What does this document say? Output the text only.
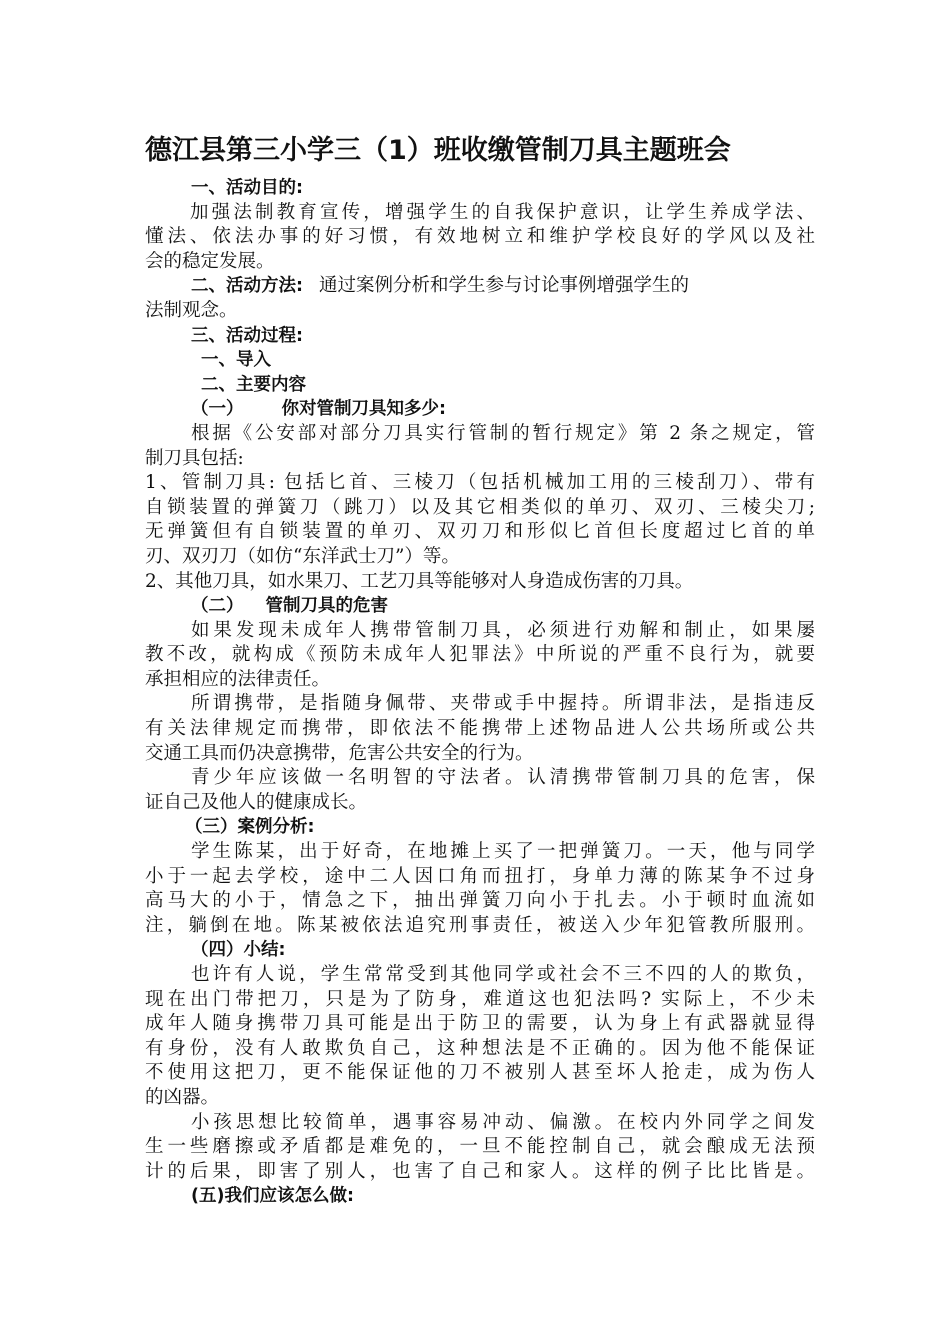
德江县第三小学三（1）班收缴管制刀具主题班会
一、活动目的:
加强法制教育宣传，增强学生的自我保护意识，让学生养成学法、
懂法、依法办事的好习惯，有效地树立和维护学校良好的学风以及社
会的稳定发展。
二、活动方法: 通过案例分析和学生参与讨论事例增强学生的
法制观念。
三、活动过程:
一、导入
二、主要内容
（一） 你对管制刀具知多少:
根据《公安部对部分刀具实行管制的暂行规定》第 2 条之规定，管
制刀具包括:
1、管制刀具: 包括匕首、三棱刀（包括机械加工用的三棱刮刀）、带有
自锁装置的弹簧刀（跳刀）以及其它相类似的单刃、双刃、三棱尖刀;
无弹簧但有自锁装置的单刃、双刃刀和形似匕首但长度超过匕首的单
刃、双刃刀（如仿“东洋武士刀”）等。
2、其他刀具，如水果刀、工艺刀具等能够对人身造成伤害的刀具。
（二） 管制刀具的危害
如果发现未成年人携带管制刀具，必须进行劝解和制止，如果屡
教不改，就构成《预防未成年人犯罪法》中所说的严重不良行为，就要
承担相应的法律责任。
所谓携带，是指随身佩带、夹带或手中握持。所谓非法，是指违反
有关法律规定而携带，即依法不能携带上述物品进人公共场所或公共
交通工具而仍决意携带，危害公共安全的行为。
青少年应该做一名明智的守法者。认清携带管制刀具的危害，保
证自己及他人的健康成长。
（三）案例分析:
学生陈某，出于好奇，在地摊上买了一把弹簧刀。一天，他与同学
小于一起去学校，途中二人因口角而扭打，身单力薄的陈某争不过身
高马大的小于，情急之下，抽出弹簧刀向小于扎去。小于顿时血流如
注，躺倒在地。陈某被依法追究刑事责任，被送入少年犯管教所服刑。
（四）小结:
也许有人说，学生常常受到其他同学或社会不三不四的人的欺负，
现在出门带把刀，只是为了防身，难道这也犯法吗? 实际上，不少未
成年人随身携带刀具可能是出于防卫的需要，认为身上有武器就显得
有身份，没有人敢欺负自己，这种想法是不正确的。因为他不能保证
不使用这把刀，更不能保证他的刀不被别人甚至坏人抢走，成为伤人
的凶器。
小孩思想比较简单，遇事容易冲动、偏激。在校内外同学之间发
生一些磨擦或矛盾都是难免的，一旦不能控制自己，就会酿成无法预
计的后果，即害了别人，也害了自己和家人。这样的例子比比皆是。
(五)我们应该怎么做:
